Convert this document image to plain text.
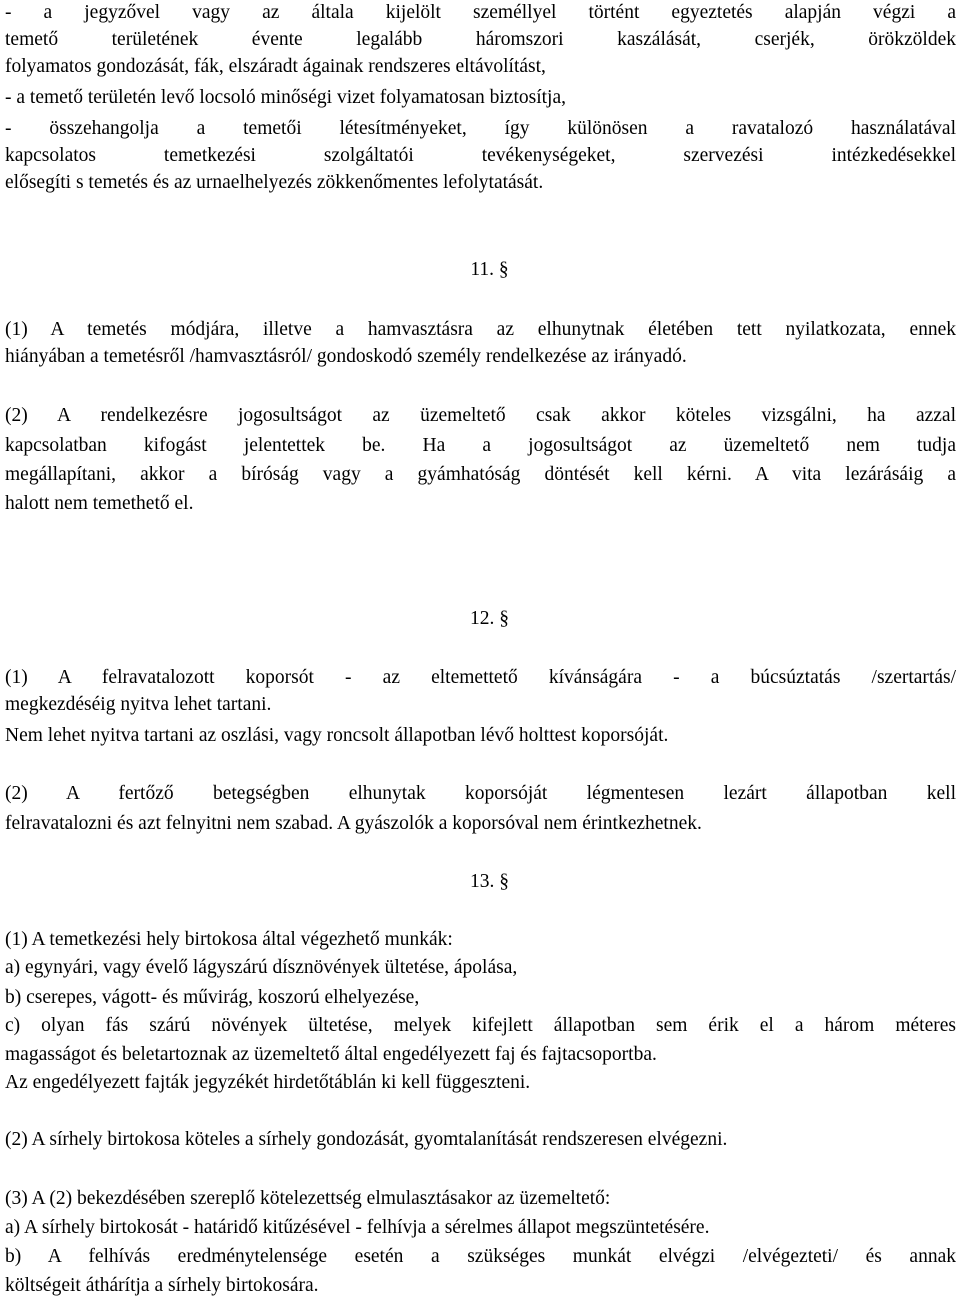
- a jegyzővel vagy az általa kijelölt személlyel történt egyeztetés alapján végzi a
temető területének évente legalább háromszori kaszálását, cserjék, örökzöldek
folyamatos gondozását, fák, elszáradt ágainak rendszeres eltávolítást,
- a temető területén levő locsoló minőségi vizet folyamatosan biztosítja,
- összehangolja a temetői létesítményeket, így különösen a ravatalozó használatával
kapcsolatos temetkezési szolgáltatói tevékenységeket, szervezési intézkedésekkel
elősegíti s temetés és az urnaelhelyezés zökkenőmentes lefolytatását.
11. §
(1) A temetés módjára, illetve a hamvasztásra az elhunytnak életében tett nyilatkozata, ennek
hiányában a temetésről /hamvasztásról/ gondoskodó személy rendelkezése az irányadó.
(2) A rendelkezésre jogosultságot az üzemeltető csak akkor köteles vizsgálni, ha azzal
kapcsolatban kifogást jelentettek be. Ha a jogosultságot az üzemeltető nem tudja
megállapítani, akkor a bíróság vagy a gyámhatóság döntését kell kérni. A vita lezárásáig a
halott nem temethető el.
12. §
(1) A felravatalozott koporsót - az eltemettető kívánságára - a búcsúztatás /szertartás/
megkezdéséig nyitva lehet tartani.
Nem lehet nyitva tartani az oszlási, vagy roncsolt állapotban lévő holttest koporsóját.
(2) A fertőző betegségben elhunytak koporsóját légmentesen lezárt állapotban kell
felravatalozni és azt felnyitni nem szabad. A gyászolók a koporsóval nem érintkezhetnek.
13. §
(1) A temetkezési hely birtokosa által végezhető munkák:
a) egynyári, vagy évelő lágyszárú dísznövények ültetése, ápolása,
b) cserepes, vágott- és művirág, koszorú elhelyezése,
c) olyan fás szárú növények ültetése, melyek kifejlett állapotban sem érik el a három méteres
magasságot és beletartoznak az üzemeltető által engedélyezett faj és fajtacsoportba.
Az engedélyezett fajták jegyzékét hirdetőtáblán ki kell függeszteni.
(2) A sírhely birtokosa köteles a sírhely gondozását, gyomtalanítását rendszeresen elvégezni.
(3) A (2) bekezdésében szereplő kötelezettség elmulasztásakor az üzemeltető:
a) A sírhely birtokosát - határidő kitűzésével - felhívja a sérelmes állapot megszüntetésére.
b) A felhívás eredménytelensége esetén a szükséges munkát elvégzi /elvégezteti/ és annak
költségeit áthárítja a sírhely birtokosára.
